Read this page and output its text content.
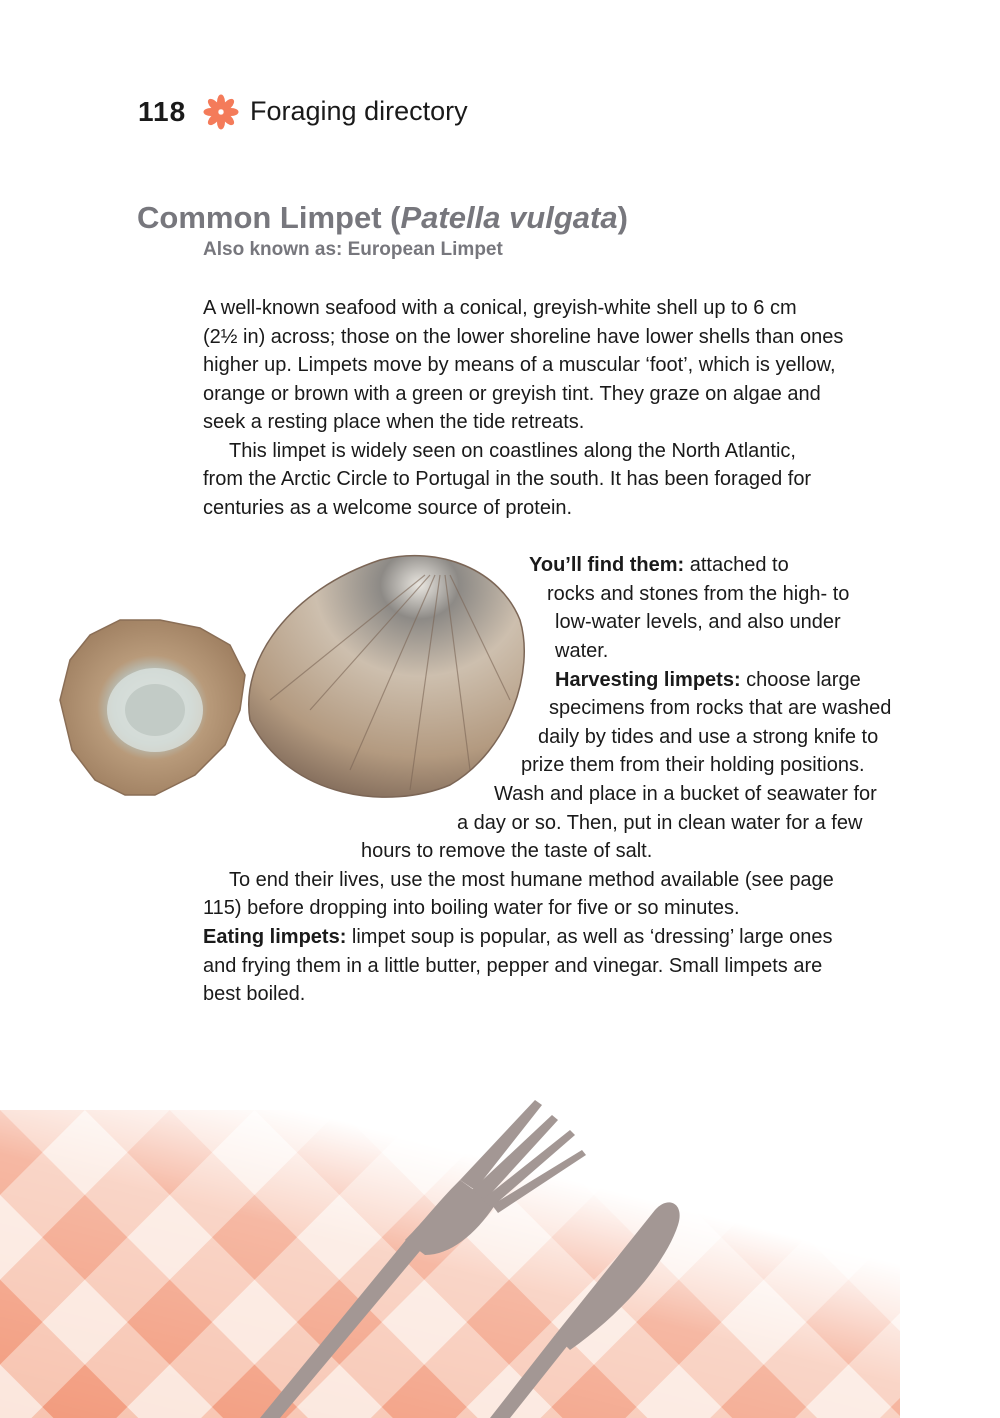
118 Foraging directory
Common Limpet (Patella vulgata)
Also known as: European Limpet
A well-known seafood with a conical, greyish-white shell up to 6 cm
(2½ in) across; those on the lower shoreline have lower shells than ones
higher up. Limpets move by means of a muscular ‘foot’, which is yellow,
orange or brown with a green or greyish tint. They graze on algae and
seek a resting place when the tide retreats.
This limpet is widely seen on coastlines along the North Atlantic,
from the Arctic Circle to Portugal in the south. It has been foraged for
centuries as a welcome source of protein.
You’ll find them: attached to
rocks and stones from the high- to
low-water levels, and also under
water.
Harvesting limpets: choose large
specimens from rocks that are washed
daily by tides and use a strong knife to
prize them from their holding positions.
Wash and place in a bucket of seawater for
a day or so. Then, put in clean water for a few
hours to remove the taste of salt.
To end their lives, use the most humane method available (see page
115) before dropping into boiling water for five or so minutes.
Eating limpets: limpet soup is popular, as well as ‘dressing’ large ones
and frying them in a little butter, pepper and vinegar. Small limpets are
best boiled.
